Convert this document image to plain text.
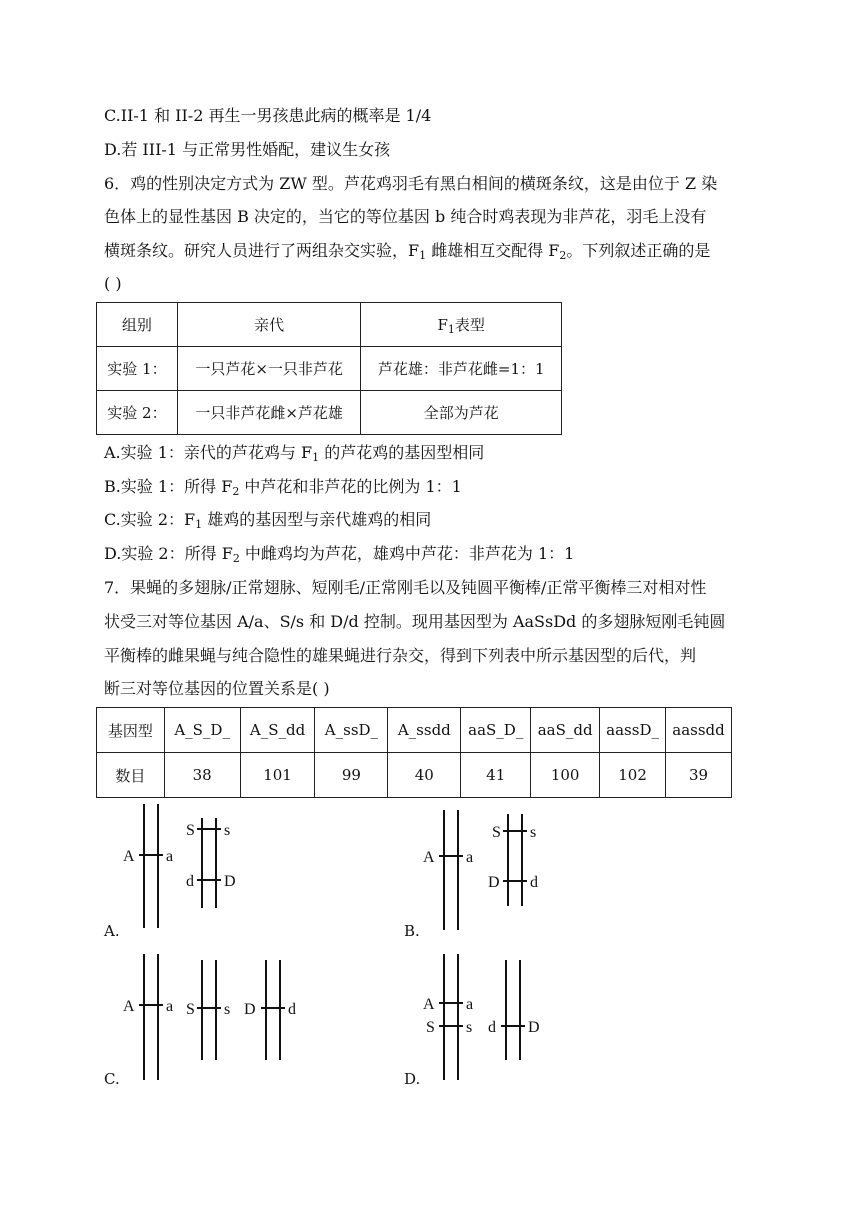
C.II-1 和 II-2 再生一男孩患此病的概率是 1/4
D.若 III-1 与正常男性婚配，建议生女孩
6．鸡的性别决定方式为 ZW 型。芦花鸡羽毛有黑白相间的横斑条纹，这是由位于 Z 染
色体上的显性基因 B 决定的，当它的等位基因 b 纯合时鸡表现为非芦花，羽毛上没有
横斑条纹。研究人员进行了两组杂交实验，$F_1$ 雌雄相互交配得 $F_2$。下列叙述正确的是
( )
组别	亲代	$F_1$表型
实验 1：	一只芦花×一只非芦花	芦花雄：非芦花雌=1：1
实验 2：	一只非芦花雌×芦花雄	全部为芦花
A.实验 1：亲代的芦花鸡与 $F_1$ 的芦花鸡的基因型相同
B.实验 1：所得 $F_2$ 中芦花和非芦花的比例为 1：1
C.实验 2：$F_1$ 雄鸡的基因型与亲代雄鸡的相同
D.实验 2：所得 $F_2$ 中雌鸡均为芦花，雄鸡中芦花：非芦花为 1：1
7．果蝇的多翅脉/正常翅脉、短刚毛/正常刚毛以及钝圆平衡棒/正常平衡棒三对相对性
状受三对等位基因 A/a、S/s 和 D/d 控制。现用基因型为 AaSsDd 的多翅脉短刚毛钝圆
平衡棒的雌果蝇与纯合隐性的雄果蝇进行杂交，得到下列表中所示基因型的后代，判
断三对等位基因的位置关系是( )
基因型	A_S_D_	A_S_dd	A_ssD_	A_ssdd	aaS_D_	aaS_dd	aassD_	aassdd
数目	38	101	99	40	41	100	102	39
A a
S s
d D
A.
A a
S s
D d
B.
A a S s D d
C.
A a
S s d D
D.
